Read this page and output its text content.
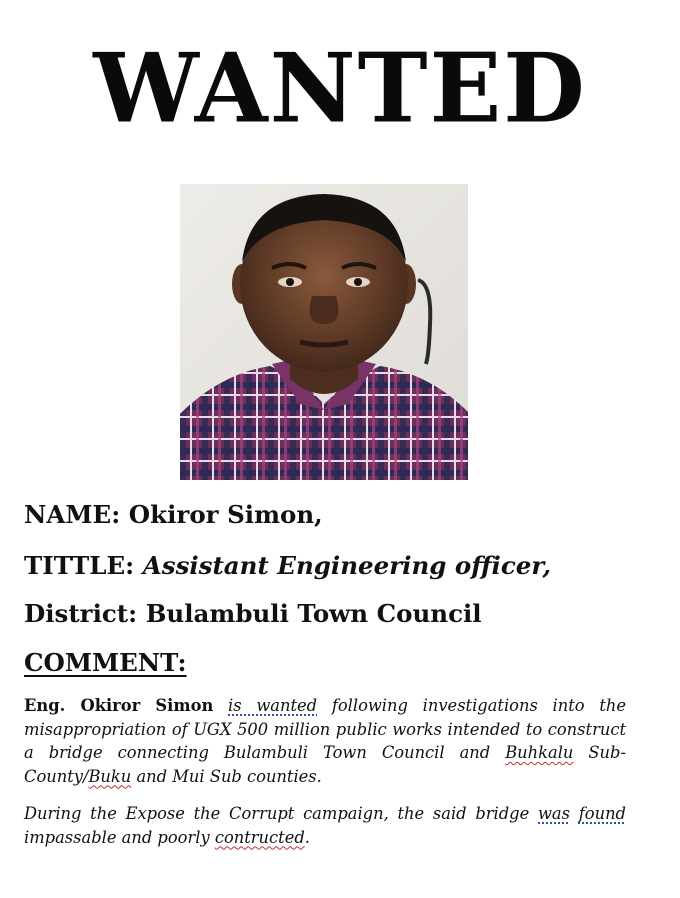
WANTED
NAME: Okiror Simon,
TITTLE: Assistant Engineering officer,
District: Bulambuli Town Council
COMMENT:
Eng. Okiror Simon is wanted following investigations into the misappropriation of UGX 500 million public works intended to construct a bridge connecting Bulambuli Town Council and Buhkalu Sub-County/Buku and Mui Sub counties.
During the Expose the Corrupt campaign, the said bridge was found impassable and poorly contructed.
